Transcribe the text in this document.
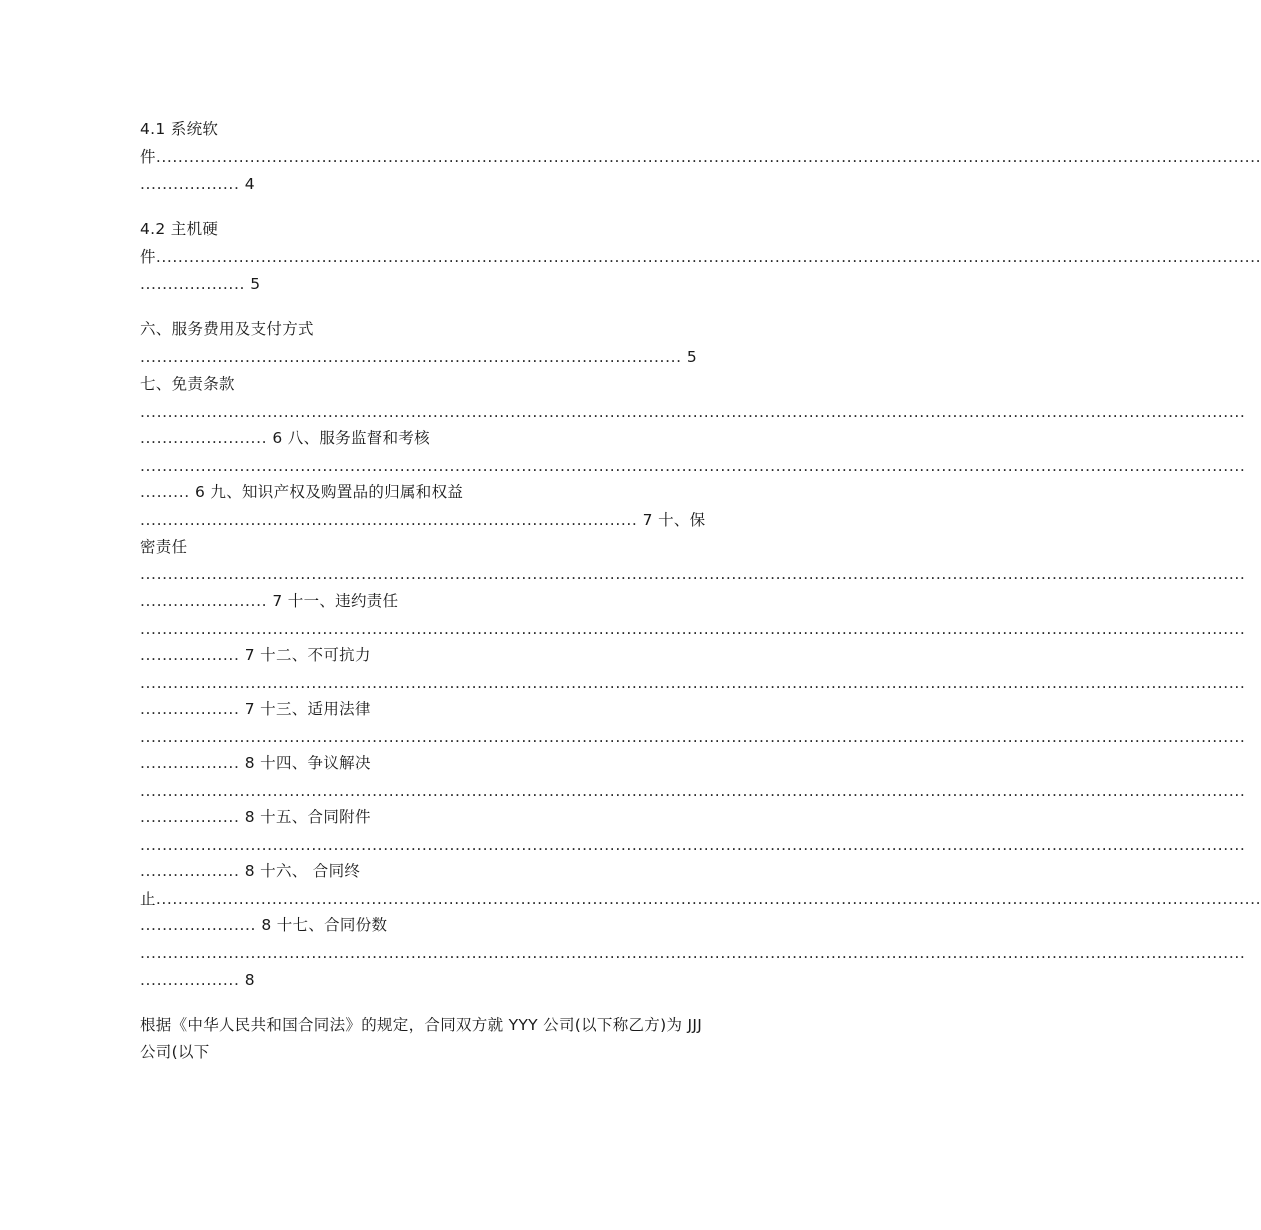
4.1 系统软
件........................................................................................................................................................................................................
.................. 4
4.2 主机硬
件........................................................................................................................................................................................................
................... 5
六、服务费用及支付方式
.................................................................................................. 5
七、免责条款
........................................................................................................................................................................................................
....................... 6 八、服务监督和考核
........................................................................................................................................................................................................
......... 6 九、知识产权及购置品的归属和权益
.......................................................................................... 7 十、保
密责任
........................................................................................................................................................................................................
....................... 7 十一、违约责任
........................................................................................................................................................................................................
.................. 7 十二、不可抗力
........................................................................................................................................................................................................
.................. 7 十三、适用法律
........................................................................................................................................................................................................
.................. 8 十四、争议解决
........................................................................................................................................................................................................
.................. 8 十五、合同附件
........................................................................................................................................................................................................
.................. 8 十六、 合同终
止........................................................................................................................................................................................................
..................... 8 十七、合同份数
........................................................................................................................................................................................................
.................. 8
根据《中华人民共和国合同法》的规定，合同双方就 YYY 公司(以下称乙方)为 JJJ
公司(以下
